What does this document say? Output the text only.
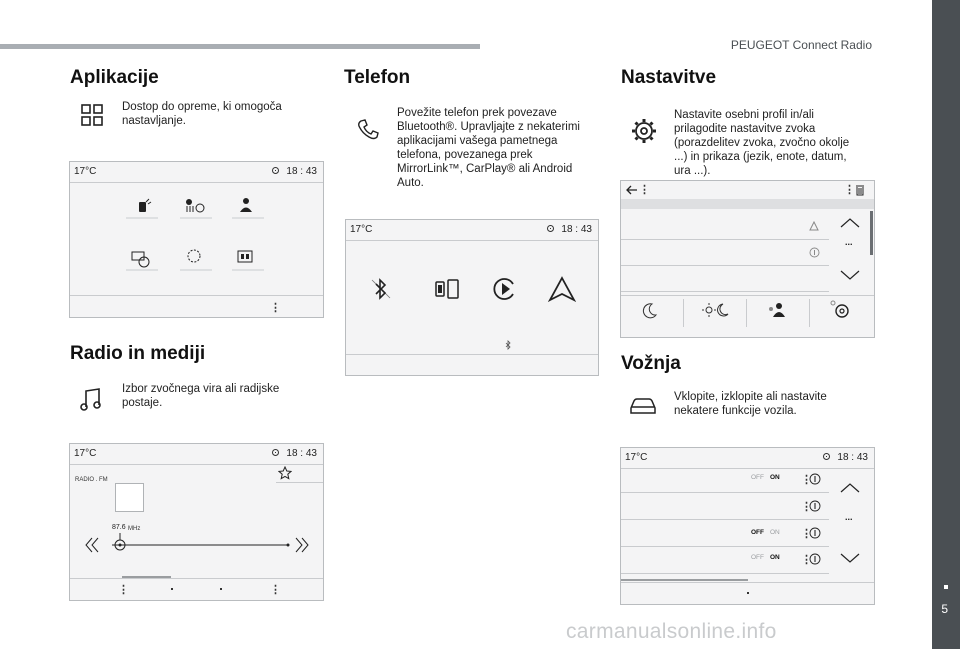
PEUGEOT Connect Radio
5
Aplikacije
Dostop do opreme, ki omogoča nastavljanje.
17°C	18 : 43
⋮
Radio in mediji
Izbor zvočnega vira ali radijske postaje.
17°C	18 : 43
RADIO . FM
87.6 MHz
⋮	⋮
Telefon
Povežite telefon prek povezave Bluetooth®. Upravljajte z nekaterimi aplikacijami vašega pametnega telefona, povezanega prek MirrorLink™, CarPlay® ali Android Auto.
17°C	18 : 43
Nastavitve
Nastavite osebni profil in/ali prilagodite nastavitve zvoka (porazdelitev zvoka, zvočno okolje ...) in prikaza (jezik, enote, datum, ura ...).
⋮	⋮
...
Vožnja
Vklopite, izklopite ali nastavite nekatere funkcije vozila.
17°C	18 : 43
OFF ON ⋮
⋮
OFF ON ⋮
OFF ON ⋮
...
carmanualsonline.info
